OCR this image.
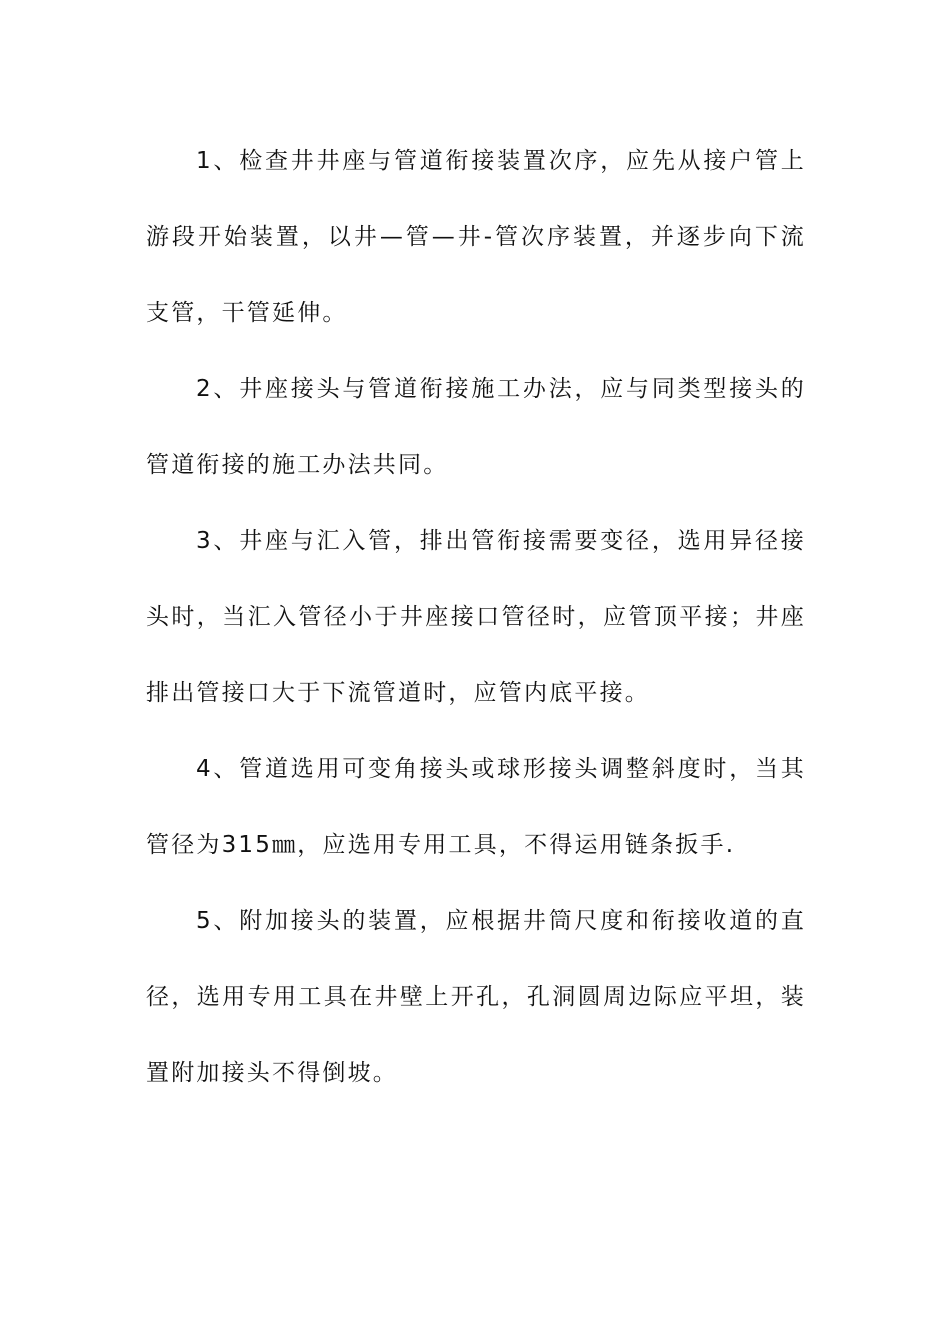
1、检查井井座与管道衔接装置次序，应先从接户管上游段开始装置，以井—管—井-管次序装置，并逐步向下流支管，干管延伸。

2、井座接头与管道衔接施工办法，应与同类型接头的管道衔接的施工办法共同。

3、井座与汇入管，排出管衔接需要变径，选用异径接头时，当汇入管径小于井座接口管径时，应管顶平接；井座排出管接口大于下流管道时，应管内底平接。

4、管道选用可变角接头或球形接头调整斜度时，当其管径为315㎜，应选用专用工具，不得运用链条扳手.

5、附加接头的装置，应根据井筒尺度和衔接收道的直径，选用专用工具在井壁上开孔，孔洞圆周边际应平坦，装置附加接头不得倒坡。
